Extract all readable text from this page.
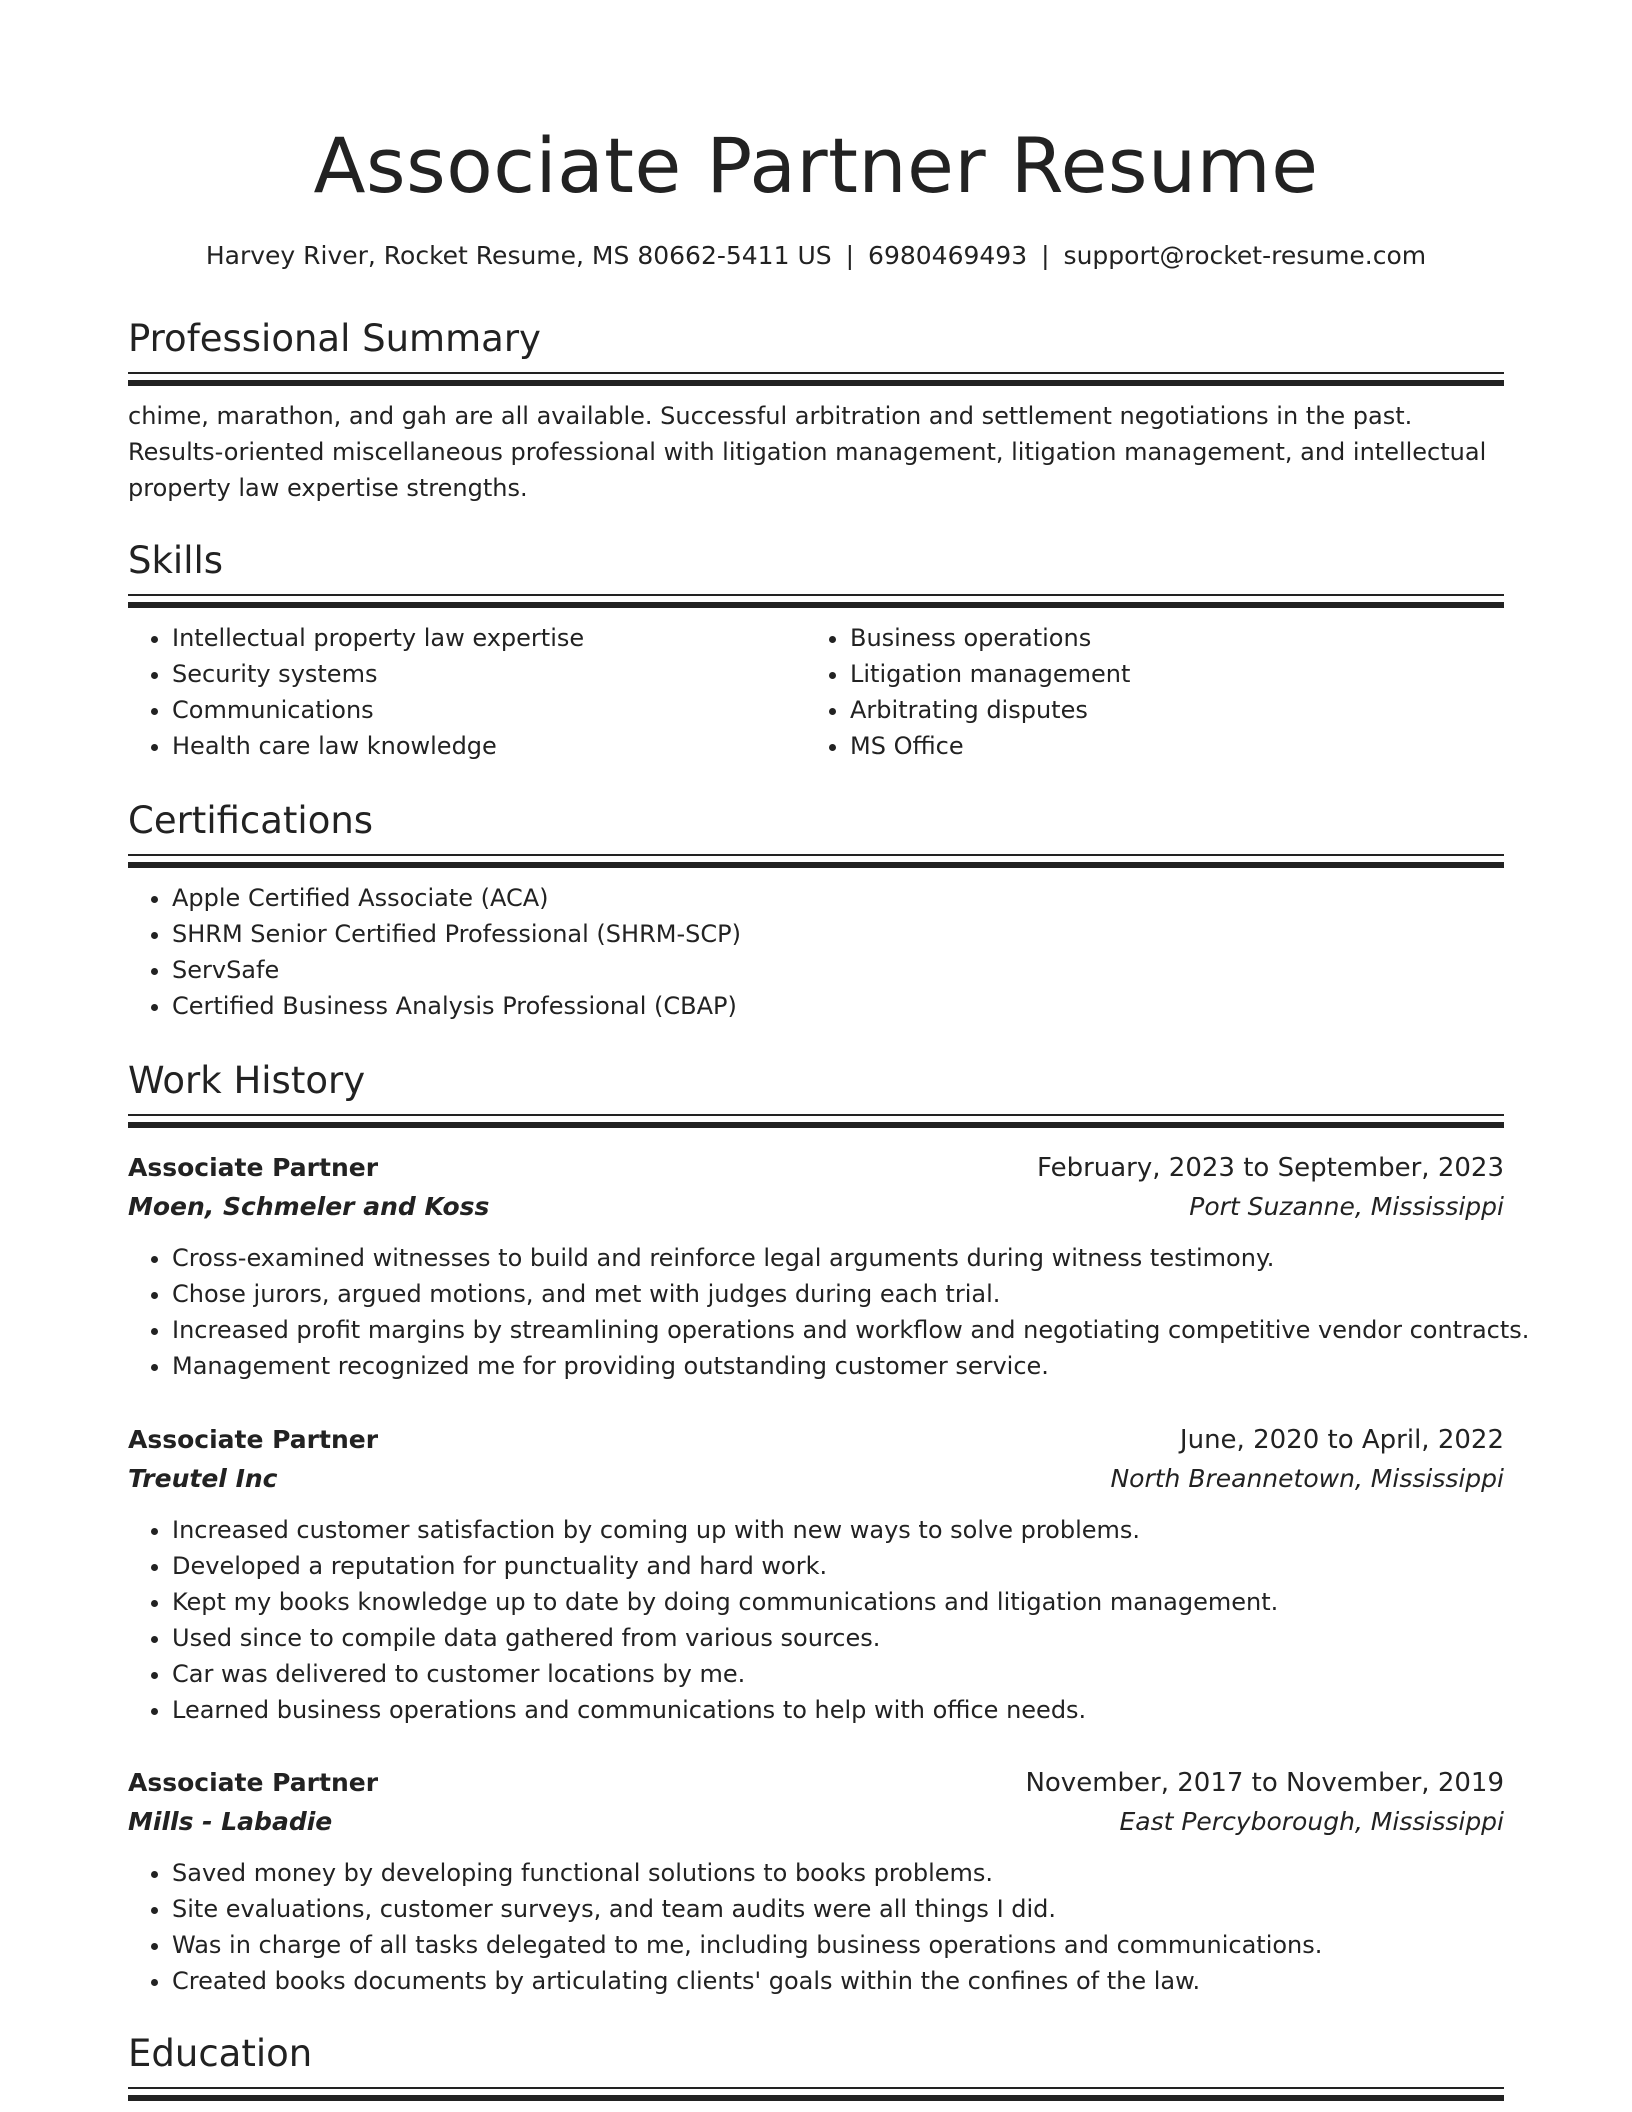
Associate Partner Resume
Harvey River, Rocket Resume, MS 80662-5411 US | 6980469493 | support@rocket-resume.com
Professional Summary
chime, marathon, and gah are all available. Successful arbitration and settlement negotiations in the past. Results-oriented miscellaneous professional with litigation management, litigation management, and intellectual property law expertise strengths.
Skills
• Intellectual property law expertise
• Security systems
• Communications
• Health care law knowledge
• Business operations
• Litigation management
• Arbitrating disputes
• MS Office
Certifications
• Apple Certified Associate (ACA)
• SHRM Senior Certified Professional (SHRM-SCP)
• ServSafe
• Certified Business Analysis Professional (CBAP)
Work History
Associate Partner	February, 2023 to September, 2023
Moen, Schmeler and Koss	Port Suzanne, Mississippi
• Cross-examined witnesses to build and reinforce legal arguments during witness testimony.
• Chose jurors, argued motions, and met with judges during each trial.
• Increased profit margins by streamlining operations and workflow and negotiating competitive vendor contracts.
• Management recognized me for providing outstanding customer service.
Associate Partner	June, 2020 to April, 2022
Treutel Inc	North Breannetown, Mississippi
• Increased customer satisfaction by coming up with new ways to solve problems.
• Developed a reputation for punctuality and hard work.
• Kept my books knowledge up to date by doing communications and litigation management.
• Used since to compile data gathered from various sources.
• Car was delivered to customer locations by me.
• Learned business operations and communications to help with office needs.
Associate Partner	November, 2017 to November, 2019
Mills - Labadie	East Percyborough, Mississippi
• Saved money by developing functional solutions to books problems.
• Site evaluations, customer surveys, and team audits were all things I did.
• Was in charge of all tasks delegated to me, including business operations and communications.
• Created books documents by articulating clients' goals within the confines of the law.
Education
